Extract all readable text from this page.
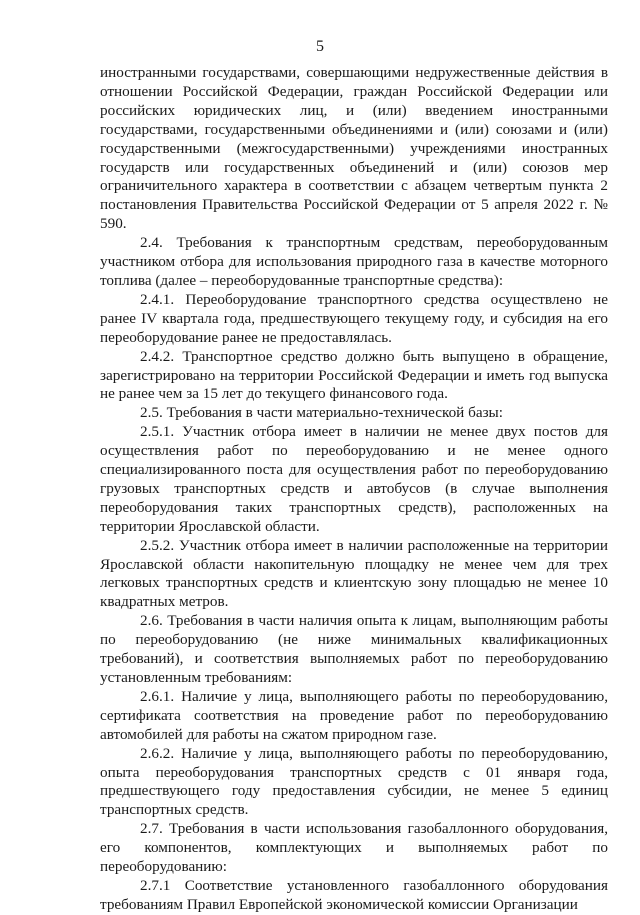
5

иностранными государствами, совершающими недружественные действия в отношении Российской Федерации, граждан Российской Федерации или российских юридических лиц, и (или) введением иностранными государствами, государственными объединениями и (или) союзами и (или) государственными (межгосударственными) учреждениями иностранных государств или государственных объединений и (или) союзов мер ограничительного характера в соответствии с абзацем четвертым пункта 2 постановления Правительства Российской Федерации от 5 апреля 2022 г. № 590.

2.4. Требования к транспортным средствам, переоборудованным участником отбора для использования природного газа в качестве моторного топлива (далее – переоборудованные транспортные средства):

2.4.1. Переоборудование транспортного средства осуществлено не ранее IV квартала года, предшествующего текущему году, и субсидия на его переоборудование ранее не предоставлялась.

2.4.2. Транспортное средство должно быть выпущено в обращение, зарегистрировано на территории Российской Федерации и иметь год выпуска не ранее чем за 15 лет до текущего финансового года.

2.5. Требования в части материально-технической базы:

2.5.1. Участник отбора имеет в наличии не менее двух постов для осуществления работ по переоборудованию и не менее одного специализированного поста для осуществления работ по переоборудованию грузовых транспортных средств и автобусов (в случае выполнения переоборудования таких транспортных средств), расположенных на территории Ярославской области.

2.5.2. Участник отбора имеет в наличии расположенные на территории Ярославской области накопительную площадку не менее чем для трех легковых транспортных средств и клиентскую зону площадью не менее 10 квадратных метров.

2.6. Требования в части наличия опыта к лицам, выполняющим работы по переоборудованию (не ниже минимальных квалификационных требований), и соответствия выполняемых работ по переоборудованию установленным требованиям:

2.6.1. Наличие у лица, выполняющего работы по переоборудованию, сертификата соответствия на проведение работ по переоборудованию автомобилей для работы на сжатом природном газе.

2.6.2. Наличие у лица, выполняющего работы по переоборудованию, опыта переоборудования транспортных средств с 01 января года, предшествующего году предоставления субсидии, не менее 5 единиц транспортных средств.

2.7. Требования в части использования газобаллонного оборудования, его компонентов, комплектующих и выполняемых работ по переоборудованию:

2.7.1 Соответствие установленного газобаллонного оборудования требованиям Правил Европейской экономической комиссии Организации
